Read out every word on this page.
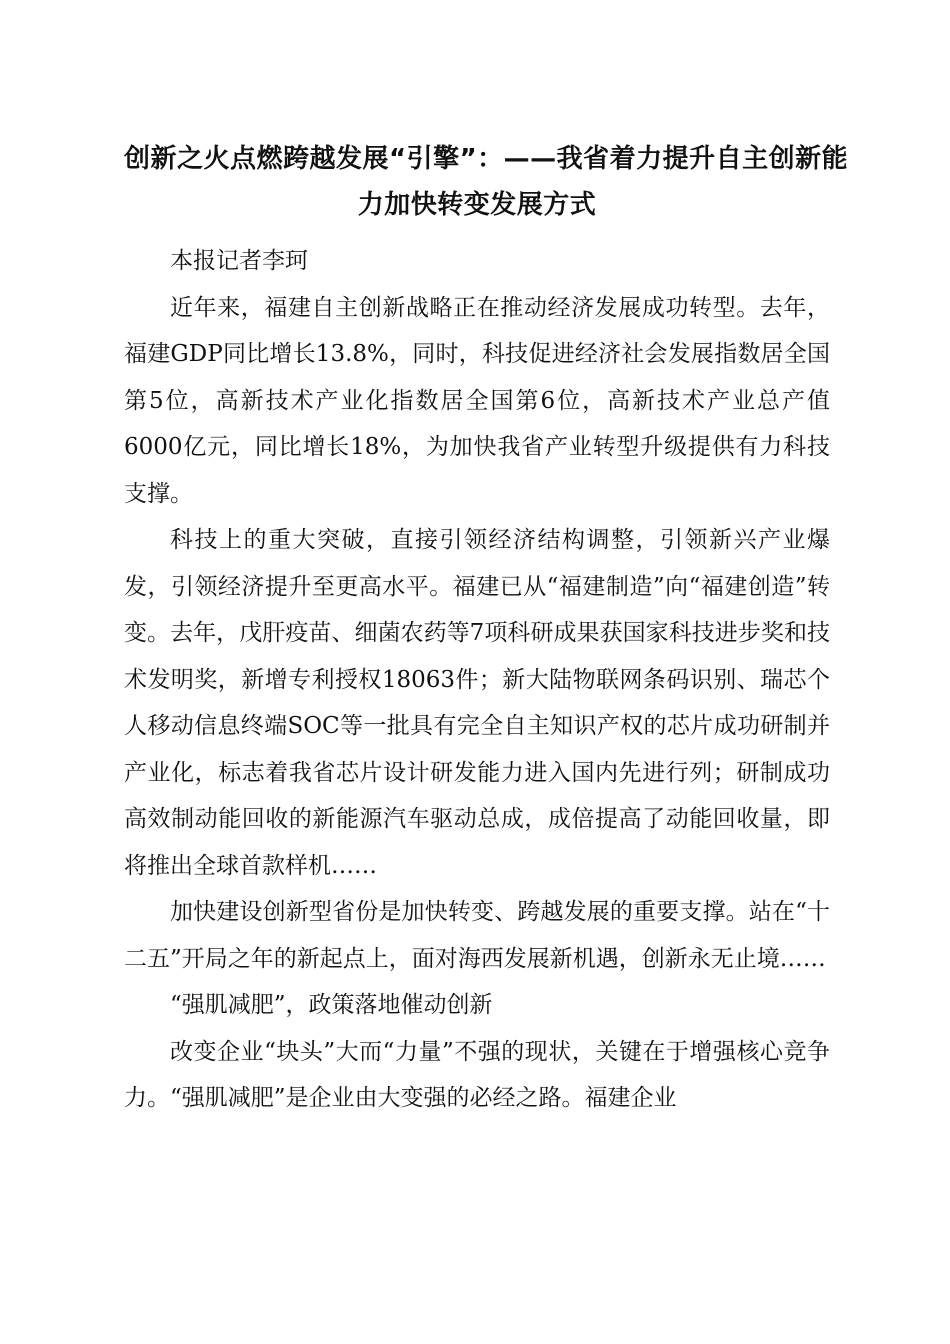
创新之火点燃跨越发展“引擎”：——我省着力提升自主创新能
力加快转变发展方式

本报记者李珂

近年来，福建自主创新战略正在推动经济发展成功转型。去年，福建GDP同比增长13.8%，同时，科技促进经济社会发展指数居全国第5位，高新技术产业化指数居全国第6位，高新技术产业总产值6000亿元，同比增长18%，为加快我省产业转型升级提供有力科技支撑。

科技上的重大突破，直接引领经济结构调整，引领新兴产业爆发，引领经济提升至更高水平。福建已从“福建制造”向“福建创造”转变。去年，戊肝疫苗、细菌农药等7项科研成果获国家科技进步奖和技术发明奖，新增专利授权18063件；新大陆物联网条码识别、瑞芯个人移动信息终端SOC等一批具有完全自主知识产权的芯片成功研制并产业化，标志着我省芯片设计研发能力进入国内先进行列；研制成功高效制动能回收的新能源汽车驱动总成，成倍提高了动能回收量，即将推出全球首款样机……

加快建设创新型省份是加快转变、跨越发展的重要支撑。站在“十二五”开局之年的新起点上，面对海西发展新机遇，创新永无止境……

“强肌减肥”，政策落地催动创新

改变企业“块头”大而“力量”不强的现状，关键在于增强核心竞争力。“强肌减肥”是企业由大变强的必经之路。福建企业
